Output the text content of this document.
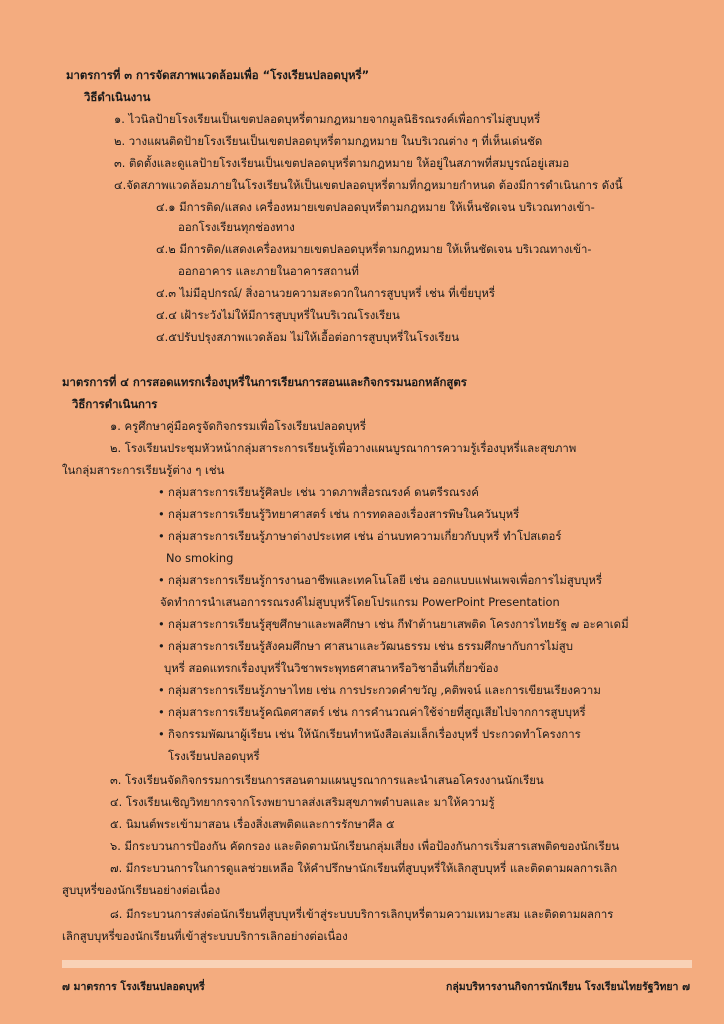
มาตรการที่ ๓ การจัดสภาพแวดล้อมเพื่อ “โรงเรียนปลอดบุหรี่”
วิธีดำเนินงาน
๑. ไวนิลป้ายโรงเรียนเป็นเขตปลอดบุหรี่ตามกฎหมายจากมูลนิธิรณรงค์เพื่อการไม่สูบบุหรี่
๒. วางแผนติดป้ายโรงเรียนเป็นเขตปลอดบุหรี่ตามกฎหมาย ในบริเวณต่าง ๆ ที่เห็นเด่นชัด
๓. ติดตั้งและดูแลป้ายโรงเรียนเป็นเขตปลอดบุหรี่ตามกฎหมาย ให้อยู่ในสภาพที่สมบูรณ์อยู่เสมอ
๔.จัดสภาพแวดล้อมภายในโรงเรียนให้เป็นเขตปลอดบุหรี่ตามที่กฎหมายกำหนด ต้องมีการดำเนินการ ดังนี้
๔.๑ มีการติด/แสดง เครื่องหมายเขตปลอดบุหรี่ตามกฎหมาย ให้เห็นชัดเจน บริเวณทางเข้า-
ออกโรงเรียนทุกช่องทาง
๔.๒ มีการติด/แสดงเครื่องหมายเขตปลอดบุหรี่ตามกฎหมาย ให้เห็นชัดเจน บริเวณทางเข้า-
ออกอาคาร และภายในอาคารสถานที่
๔.๓ ไม่มีอุปกรณ์/ สิ่งอานวยความสะดวกในการสูบบุหรี่ เช่น ที่เขี่ยบุหรี่
๔.๔ เฝ้าระวังไม่ให้มีการสูบบุหรี่ในบริเวณโรงเรียน
๔.๕ปรับปรุงสภาพแวดล้อม ไม่ให้เอื้อต่อการสูบบุหรี่ในโรงเรียน
มาตรการที่ ๔ การสอดแทรกเรื่องบุหรี่ในการเรียนการสอนและกิจกรรมนอกหลักสูตร
วิธีการดำเนินการ
๑. ครูศึกษาคู่มือครูจัดกิจกรรมเพื่อโรงเรียนปลอดบุหรี่
๒. โรงเรียนประชุมหัวหน้ากลุ่มสาระการเรียนรู้เพื่อวางแผนบูรณาการความรู้เรื่องบุหรี่และสุขภาพ
ในกลุ่มสาระการเรียนรู้ต่าง ๆ เช่น
• กลุ่มสาระการเรียนรู้ศิลปะ เช่น วาดภาพสื่อรณรงค์ ดนตรีรณรงค์
• กลุ่มสาระการเรียนรู้วิทยาศาสตร์ เช่น การทดลองเรื่องสารพิษในควันบุหรี่
• กลุ่มสาระการเรียนรู้ภาษาต่างประเทศ เช่น อ่านบทความเกี่ยวกับบุหรี่ ทำโปสเตอร์
No smoking
• กลุ่มสาระการเรียนรู้การงานอาชีพและเทคโนโลยี เช่น ออกแบบแฟนเพจเพื่อการไม่สูบบุหรี่
จัดทำการนำเสนอการรณรงค์ไม่สูบบุหรี่โดยโปรแกรม PowerPoint Presentation
• กลุ่มสาระการเรียนรู้สุขศึกษาและพลศึกษา เช่น กีฬาต้านยาเสพติด โครงการไทยรัฐ ๗ อะคาเดมี่
• กลุ่มสาระการเรียนรู้สังคมศึกษา ศาสนาและวัฒนธรรม เช่น ธรรมศึกษากับการไม่สูบ
บุหรี่ สอดแทรกเรื่องบุหรี่ในวิชาพระพุทธศาสนาหรือวิชาอื่นที่เกี่ยวข้อง
• กลุ่มสาระการเรียนรู้ภาษาไทย เช่น การประกวดคำขวัญ ,คติพจน์ และการเขียนเรียงความ
• กลุ่มสาระการเรียนรู้คณิตศาสตร์ เช่น การคำนวณค่าใช้จ่ายที่สูญเสียไปจากการสูบบุหรี่
• กิจกรรมพัฒนาผู้เรียน เช่น ให้นักเรียนทำหนังสือเล่มเล็กเรื่องบุหรี่ ประกวดทำโครงการ
โรงเรียนปลอดบุหรี่
๓. โรงเรียนจัดกิจกรรมการเรียนการสอนตามแผนบูรณาการและนำเสนอโครงงานนักเรียน
๔. โรงเรียนเชิญวิทยากรจากโรงพยาบาลส่งเสริมสุขภาพตำบลและ มาให้ความรู้
๕. นิมนต์พระเข้ามาสอน เรื่องสิ่งเสพติดและการรักษาศีล ๕
๖. มีกระบวนการป้องกัน คัดกรอง และติดตามนักเรียนกลุ่มเสี่ยง เพื่อป้องกันการเริ่มสารเสพติดของนักเรียน
๗. มีกระบวนการในการดูแลช่วยเหลือ ให้คำปรึกษานักเรียนที่สูบบุหรี่ให้เลิกสูบบุหรี่ และติดตามผลการเลิก
สูบบุหรี่ของนักเรียนอย่างต่อเนื่อง
๘. มีกระบวนการส่งต่อนักเรียนที่สูบบุหรี่เข้าสู่ระบบบริการเลิกบุหรี่ตามความเหมาะสม และติดตามผลการ
เลิกสูบบุหรี่ของนักเรียนที่เข้าสู่ระบบบริการเลิกอย่างต่อเนื่อง
๗ มาตรการ โรงเรียนปลอดบุหรี่	กลุ่มบริหารงานกิจการนักเรียน โรงเรียนไทยรัฐวิทยา ๗
